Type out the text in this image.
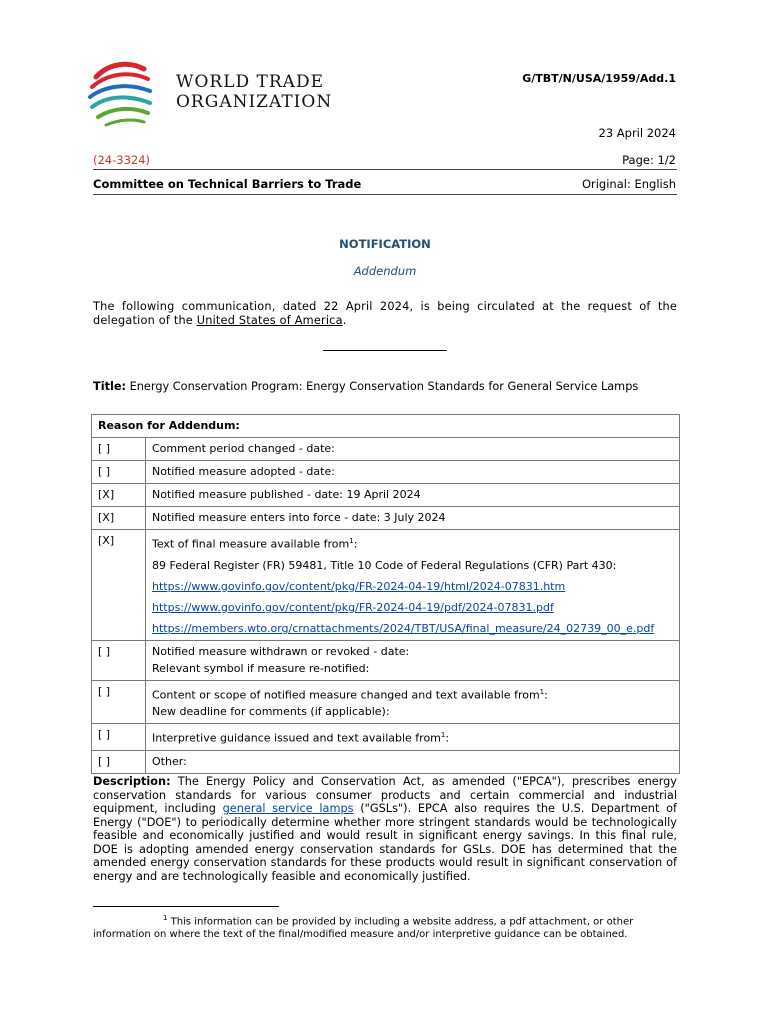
WORLD TRADE
ORGANIZATION
G/TBT/N/USA/1959/Add.1
23 April 2024
(24-3324)	Page: 1/2
Committee on Technical Barriers to Trade	Original: English
NOTIFICATION
Addendum
The following communication, dated 22 April 2024, is being circulated at the request of the delegation of the United States of America.
Title: Energy Conservation Program: Energy Conservation Standards for General Service Lamps
Reason for Addendum:	
[ ]	Comment period changed - date:
[ ]	Notified measure adopted - date:
[X]	Notified measure published - date: 19 April 2024
[X]	Notified measure enters into force - date: 3 July 2024
[X]	Text of final measure available from$^1$:
89 Federal Register (FR) 59481, Title 10 Code of Federal Regulations (CFR) Part 430:
https://www.govinfo.gov/content/pkg/FR-2024-04-19/html/2024-07831.htm
https://www.govinfo.gov/content/pkg/FR-2024-04-19/pdf/2024-07831.pdf
https://members.wto.org/crnattachments/2024/TBT/USA/final_measure/24_02739_00_e.pdf

[ ]	Notified measure withdrawn or revoked - date:
Relevant symbol if measure re-notified:

[ ]	Content or scope of notified measure changed and text available from$^1$:
New deadline for comments (if applicable):

[ ]	Interpretive guidance issued and text available from$^1$:
[ ]	Other:
Description: The Energy Policy and Conservation Act, as amended ("EPCA"), prescribes energy conservation standards for various consumer products and certain commercial and industrial equipment, including general service lamps ("GSLs"). EPCA also requires the U.S. Department of Energy ("DOE") to periodically determine whether more stringent standards would be technologically feasible and economically justified and would result in significant energy savings. In this final rule, DOE is adopting amended energy conservation standards for GSLs. DOE has determined that the amended energy conservation standards for these products would result in significant conservation of energy and are technologically feasible and economically justified.
$^1$ This information can be provided by including a website address, a pdf attachment, or other information on where the text of the final/modified measure and/or interpretive guidance can be obtained.
